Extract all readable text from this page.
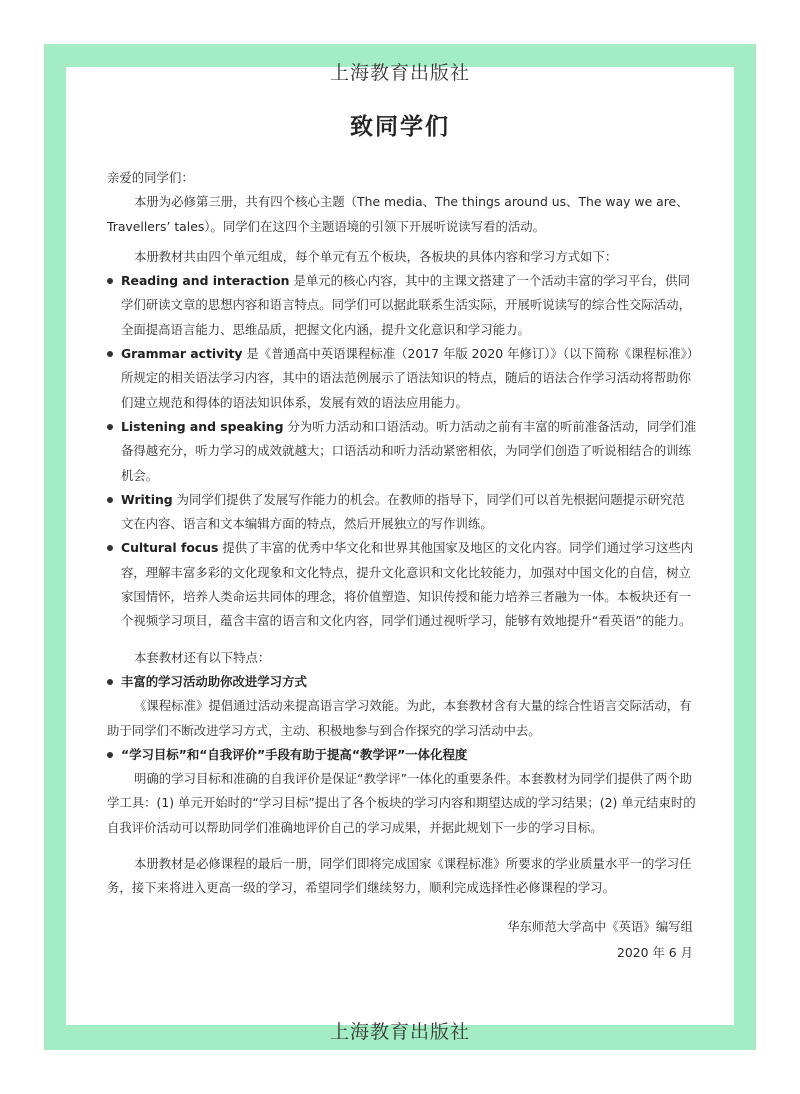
上海教育出版社
致同学们

亲爱的同学们：

本册为必修第三册，共有四个核心主题（The media、The things around us、The way we are、Travellers’ tales）。同学们在这四个主题语境的引领下开展听说读写看的活动。

本册教材共由四个单元组成，每个单元有五个板块，各板块的具体内容和学习方式如下：

Reading and interaction 是单元的核心内容，其中的主课文搭建了一个活动丰富的学习平台，供同学们研读文章的思想内容和语言特点。同学们可以据此联系生活实际，开展听说读写的综合性交际活动，全面提高语言能力、思维品质，把握文化内涵，提升文化意识和学习能力。

Grammar activity 是《普通高中英语课程标准（2017 年版 2020 年修订）》（以下简称《课程标准》）所规定的相关语法学习内容，其中的语法范例展示了语法知识的特点，随后的语法合作学习活动将帮助你们建立规范和得体的语法知识体系，发展有效的语法应用能力。

Listening and speaking 分为听力活动和口语活动。听力活动之前有丰富的听前准备活动，同学们准备得越充分，听力学习的成效就越大；口语活动和听力活动紧密相依，为同学们创造了听说相结合的训练机会。

Writing 为同学们提供了发展写作能力的机会。在教师的指导下，同学们可以首先根据问题提示研究范文在内容、语言和文本编辑方面的特点，然后开展独立的写作训练。

Cultural focus 提供了丰富的优秀中华文化和世界其他国家及地区的文化内容。同学们通过学习这些内容，理解丰富多彩的文化现象和文化特点，提升文化意识和文化比较能力，加强对中国文化的自信，树立家国情怀，培养人类命运共同体的理念，将价值塑造、知识传授和能力培养三者融为一体。本板块还有一个视频学习项目，蕴含丰富的语言和文化内容，同学们通过视听学习，能够有效地提升“看英语”的能力。

本套教材还有以下特点：

丰富的学习活动助你改进学习方式

《课程标准》提倡通过活动来提高语言学习效能。为此，本套教材含有大量的综合性语言交际活动，有助于同学们不断改进学习方式，主动、积极地参与到合作探究的学习活动中去。

“学习目标”和“自我评价”手段有助于提高“教学评”一体化程度

明确的学习目标和准确的自我评价是保证“教学评”一体化的重要条件。本套教材为同学们提供了两个助学工具：(1) 单元开始时的“学习目标”提出了各个板块的学习内容和期望达成的学习结果；(2) 单元结束时的自我评价活动可以帮助同学们准确地评价自己的学习成果，并据此规划下一步的学习目标。

本册教材是必修课程的最后一册，同学们即将完成国家《课程标准》所要求的学业质量水平一的学习任务，接下来将进入更高一级的学习，希望同学们继续努力，顺利完成选择性必修课程的学习。

华东师范大学高中《英语》编写组
2020 年 6 月
上海教育出版社
